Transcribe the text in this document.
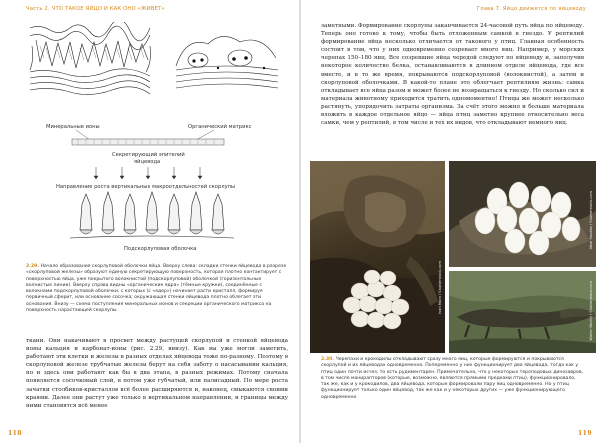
Часть 2. ЧТО ТАКОЕ ЯЙЦО И КАК ОНО «ЖИВЕТ»
Минеральные ионы	Органический матрикс
Секретирующий эпителий
яйцевода
Направление роста вертикальных макроотдельностей скорлупы
Подскорлуповая оболочка
2.29. Начало образования скорлуповой оболочки яйца. Вверху слева: складки стенки яйцевода в разрезе «скорлуповой железы» образуют единую секретирующую поверхность, которая плотно контактирует с поверхностью яйца, уже покрытого волокнистой (подскорлуповой) оболочкой (горизонтальные волнистые линии). Вверху справа видны «органические ядра» (тёмные кружки), соединённые с волокнами подскорлуповой оболочки, с которых (с «ядер») начинает расти кристалл, формируя первичный сферит, или основание сосочка; окружающая стенки яйцевода плотно облегает эти основания. Внизу — схема поступления минеральных ионов и секреции органического матрикса на поверхность нарастающей скорлупы
ткани. Они накачивают в просвет между растущей скорлупой и стенкой яйцевода ионы кальция и карбонат-ионы (рис. 2.29, внизу). Как вы уже могли заметить, работают эти клетки и железы в разных отделах яйцевода тоже по-разному. Поэтому в скорлуповой железе трубчатые железы берут на себя заботу о насасывании кальция, но и здесь они работают как бы в два этапа, в разных режимах. Потому сначала появляется сосочковый слой, в потом уже губчатый, или палисадный. По мере роста зачатки столбиков-кристаллов всё более расширяются и, наконец, смыкаются своими краями. Далее они растут уже только в вертикальном направлении, и границы между ними становятся всё менее
118
Глава 7. Яйцо движется по яйцеводу
заметными. Формирование скорлупы заканчивается 24-часовой путь яйца по яйцеводу. Теперь оно готово к тому, чтобы быть отложенным самкой в гнездо. У рептилий формирование яйца несколько отличается от такового у птиц. Главная особенность состоит в том, что у них одновременно созревает много яиц. Например, у морских черепах 150–180 яиц. Все созревшие яйца чередой следуют по яйцеводу и, заполучив некоторое количество белка, останавливаются в длинном отделе яйцевода, где все вместе, и в то же время, покрываются подскорлуповой (волокнистой), а затем и скорлуповой оболочками. В какой-то плане это облегчает рептилиям жизнь: самка откладывает все яйца разом и может более не возвращаться к гнезду. Но сколько сил и материала животному приходится тратить одномоментно! Птицы же может несколько растянуть, упорядочить затраты организма. За счёт этого можно и больше материала вложить в каждое отдельное яйцо — яйца птиц заметно крупнее относительно веса самки, чем у рептилий, в том числе и тех их видов, что откладывают немного яиц.
Ivan Moro / Shutterstock.com
Ideal Studios / Shutterstock.com
Walter Martin / Shutterstock.com
2.30. Черепахи и крокодилы откладывают сразу много яиц, которые формируются и покрываются скорлупой и их яйцеводах одновременно. Попеременно у них функционирует два яйцевода, тогда как у птиц один почти исчез, то есть рудиментарен. Примечательно, что у некоторых тероподовых динозавров, в том числе манирапторов (которые, возможно, являются прямыми предками птиц), функционировало, так же, как и у крокодилов, два яйцевода, которые формировали пару яиц одновременно. Но у птиц функционирует только один яйцевод, так же как и у некоторых других — уже функционирующего одновременно
119
